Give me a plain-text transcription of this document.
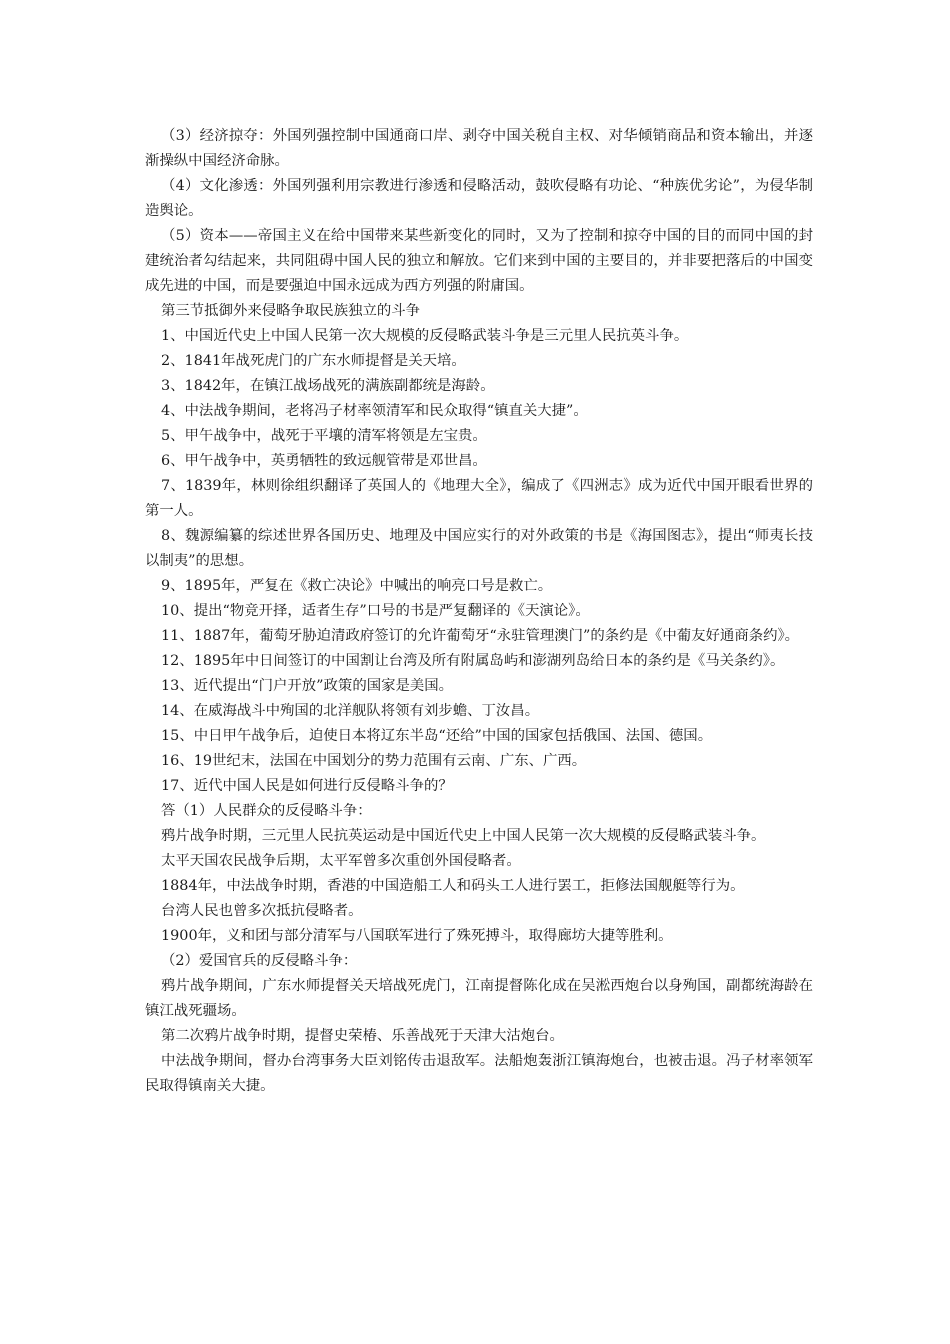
（3）经济掠夺：外国列强控制中国通商口岸、剥夺中国关税自主权、对华倾销商品和资本输出，并逐渐操纵中国经济命脉。

（4）文化渗透：外国列强利用宗教进行渗透和侵略活动，鼓吹侵略有功论、“种族优劣论”，为侵华制造舆论。

（5）资本——帝国主义在给中国带来某些新变化的同时，又为了控制和掠夺中国的目的而同中国的封建统治者勾结起来，共同阻碍中国人民的独立和解放。它们来到中国的主要目的，并非要把落后的中国变成先进的中国，而是要强迫中国永远成为西方列强的附庸国。

第三节抵御外来侵略争取民族独立的斗争

1、中国近代史上中国人民第一次大规模的反侵略武装斗争是三元里人民抗英斗争。

2、1841年战死虎门的广东水师提督是关天培。

3、1842年，在镇江战场战死的满族副都统是海龄。

4、中法战争期间，老将冯子材率领清军和民众取得“镇直关大捷”。

5、甲午战争中，战死于平壤的清军将领是左宝贵。

6、甲午战争中，英勇牺牲的致远舰管带是邓世昌。

7、1839年，林则徐组织翻译了英国人的《地理大全》，编成了《四洲志》成为近代中国开眼看世界的第一人。

8、魏源编纂的综述世界各国历史、地理及中国应实行的对外政策的书是《海国图志》，提出“师夷长技以制夷”的思想。

9、1895年，严复在《救亡决论》中喊出的响亮口号是救亡。

10、提出“物竞开择，适者生存”口号的书是严复翻译的《天演论》。

11、1887年，葡萄牙胁迫清政府签订的允许葡萄牙“永驻管理澳门”的条约是《中葡友好通商条约》。

12、1895年中日间签订的中国割让台湾及所有附属岛屿和澎湖列岛给日本的条约是《马关条约》。

13、近代提出“门户开放”政策的国家是美国。

14、在威海战斗中殉国的北洋舰队将领有刘步蟾、丁汝昌。

15、中日甲午战争后，迫使日本将辽东半岛“还给”中国的国家包括俄国、法国、德国。

16、19世纪末，法国在中国划分的势力范围有云南、广东、广西。

17、近代中国人民是如何进行反侵略斗争的？

答（1）人民群众的反侵略斗争：

鸦片战争时期，三元里人民抗英运动是中国近代史上中国人民第一次大规模的反侵略武装斗争。

太平天国农民战争后期，太平军曾多次重创外国侵略者。

1884年，中法战争时期，香港的中国造船工人和码头工人进行罢工，拒修法国舰艇等行为。

台湾人民也曾多次抵抗侵略者。

1900年，义和团与部分清军与八国联军进行了殊死搏斗，取得廊坊大捷等胜利。

（2）爱国官兵的反侵略斗争：

鸦片战争期间，广东水师提督关天培战死虎门，江南提督陈化成在吴淞西炮台以身殉国，副都统海龄在镇江战死疆场。

第二次鸦片战争时期，提督史荣椿、乐善战死于天津大沽炮台。

中法战争期间，督办台湾事务大臣刘铭传击退敌军。法船炮轰浙江镇海炮台，也被击退。冯子材率领军民取得镇南关大捷。
